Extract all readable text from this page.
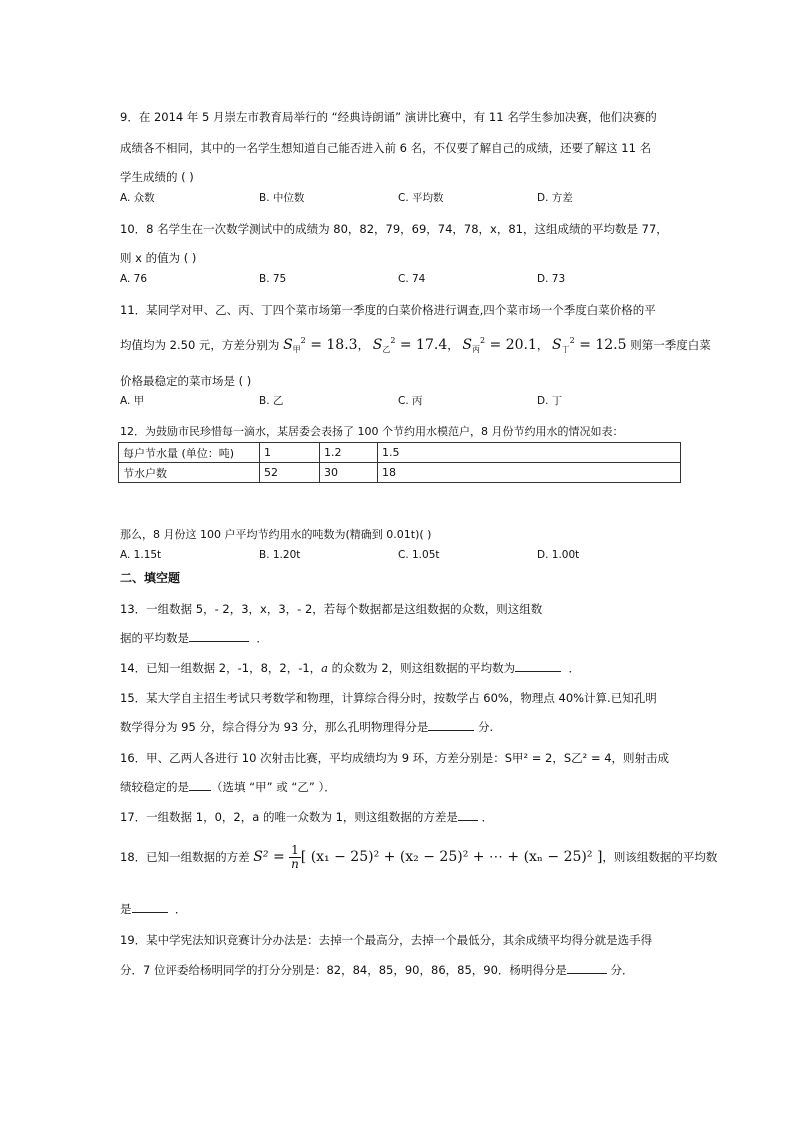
9．在 2014 年 5 月崇左市教育局举行的 “经典诗朗诵” 演讲比赛中，有 11 名学生参加决赛，他们决赛的
成绩各不相同，其中的一名学生想知道自己能否进入前 6 名，不仅要了解自己的成绩，还要了解这 11 名
学生成绩的 ( )
A. 众数	B. 中位数	C. 平均数	D. 方差
10．8 名学生在一次数学测试中的成绩为 80，82，79，69，74，78，x，81，这组成绩的平均数是 77，
则 x 的值为 ( )
A. 76	B. 75	C. 74	D. 73
11．某同学对甲、乙、丙、丁四个菜市场第一季度的白菜价格进行调查,四个菜市场一个季度白菜价格的平
均值均为 2.50 元，方差分别为 $S_甲^2 = 18.3$， $S_乙^2 = 17.4$， $S_丙^2 = 20.1$， $S_丁^2 = 12.5$ 则第一季度白菜
价格最稳定的菜市场是 ( )
A. 甲	B. 乙	C. 丙	D. 丁
12．为鼓励市民珍惜每一滴水，某居委会表扬了 100 个节约用水模范户，8 月份节约用水的情况如表：
每户节水量 (单位：吨)	1	1.2	1.5
节水户数	52	30	18
那么，8 月份这 100 户平均节约用水的吨数为(精确到 0.01t)( )
A. 1.15t	B. 1.20t	C. 1.05t	D. 1.00t
二、填空题
13．一组数据 5，- 2，3，x，3，- 2，若每个数据都是这组数据的众数，则这组数
据的平均数是	．
14．已知一组数据 2，-1，8，2，-1，a 的众数为 2，则这组数据的平均数为	．
15．某大学自主招生考试只考数学和物理，计算综合得分时，按数学占 60%，物理点 40%计算.已知孔明
数学得分为 95 分，综合得分为 93 分，那么孔明物理得分是	分.
16．甲、乙两人各进行 10 次射击比赛，平均成绩均为 9 环，方差分别是：S甲² = 2，S乙² = 4，则射击成
绩较稳定的是 （选填 “甲” 或 “乙” ）．
17．一组数据 1，0，2，a 的唯一众数为 1，则这组数据的方差是 ．
18．已知一组数据的方差 $S^2 = \frac{1}{n}$ [ (x₁ − 25)² + (x₂ − 25)² + ⋯ + (xₙ − 25)² ]，则该组数据的平均数
是	．
19．某中学宪法知识竞赛计分办法是：去掉一个最高分，去掉一个最低分，其余成绩平均得分就是选手得
分．7 位评委给杨明同学的打分分别是：82，84，85，90，86，85，90．杨明得分是	分．
